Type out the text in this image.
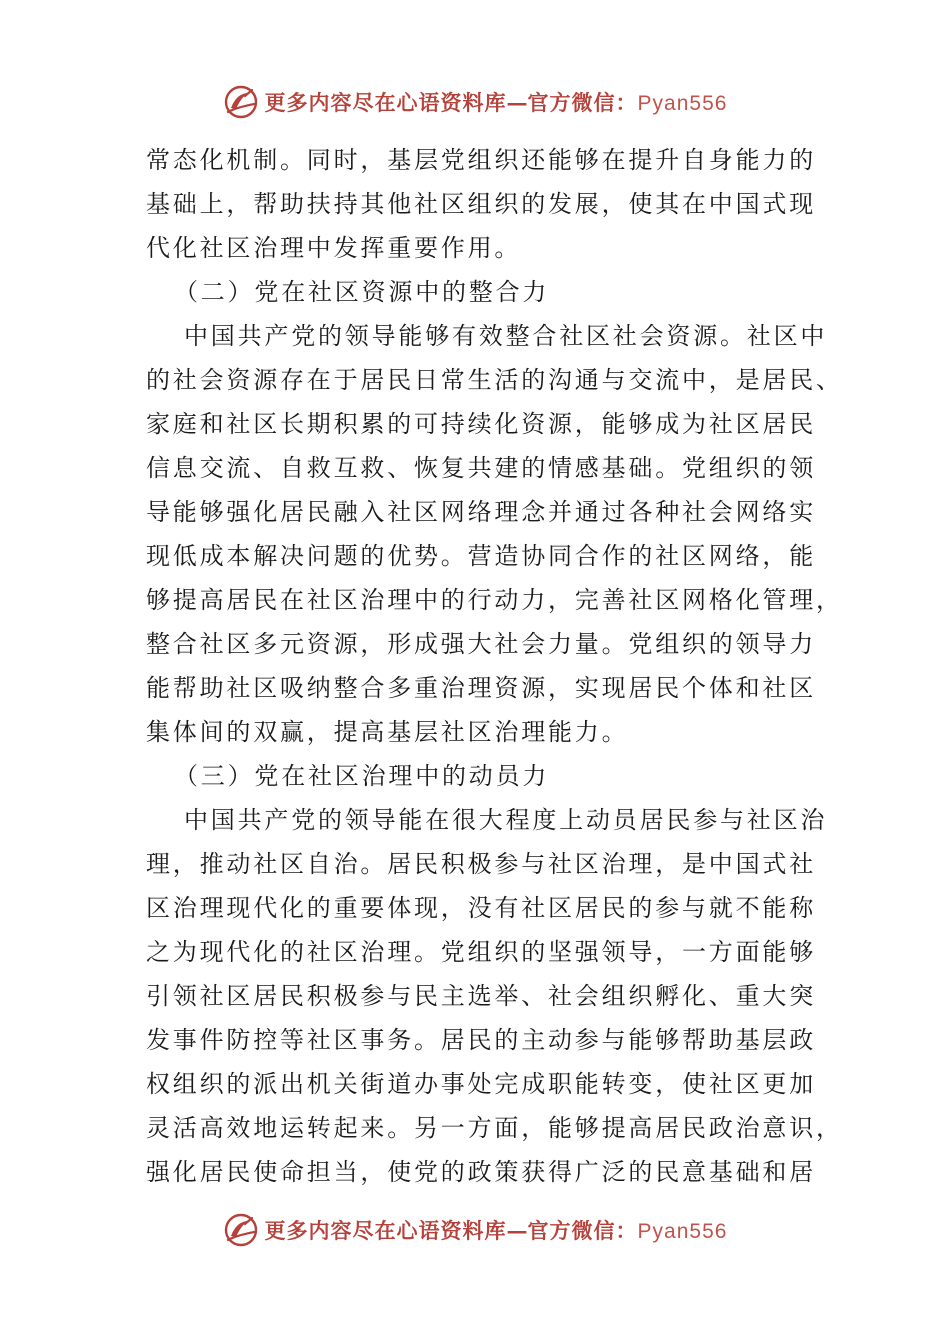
更多内容尽在心语资料库—官方微信：Pyan556
常态化机制。同时，基层党组织还能够在提升自身能力的
基础上，帮助扶持其他社区组织的发展，使其在中国式现
代化社区治理中发挥重要作用。
（二）党在社区资源中的整合力
中国共产党的领导能够有效整合社区社会资源。社区中
的社会资源存在于居民日常生活的沟通与交流中，是居民、
家庭和社区长期积累的可持续化资源，能够成为社区居民
信息交流、自救互救、恢复共建的情感基础。党组织的领
导能够强化居民融入社区网络理念并通过各种社会网络实
现低成本解决问题的优势。营造协同合作的社区网络，能
够提高居民在社区治理中的行动力，完善社区网格化管理，
整合社区多元资源，形成强大社会力量。党组织的领导力
能帮助社区吸纳整合多重治理资源，实现居民个体和社区
集体间的双赢，提高基层社区治理能力。
（三）党在社区治理中的动员力
中国共产党的领导能在很大程度上动员居民参与社区治
理，推动社区自治。居民积极参与社区治理，是中国式社
区治理现代化的重要体现，没有社区居民的参与就不能称
之为现代化的社区治理。党组织的坚强领导，一方面能够
引领社区居民积极参与民主选举、社会组织孵化、重大突
发事件防控等社区事务。居民的主动参与能够帮助基层政
权组织的派出机关街道办事处完成职能转变，使社区更加
灵活高效地运转起来。另一方面，能够提高居民政治意识，
强化居民使命担当，使党的政策获得广泛的民意基础和居
更多内容尽在心语资料库—官方微信：Pyan556
